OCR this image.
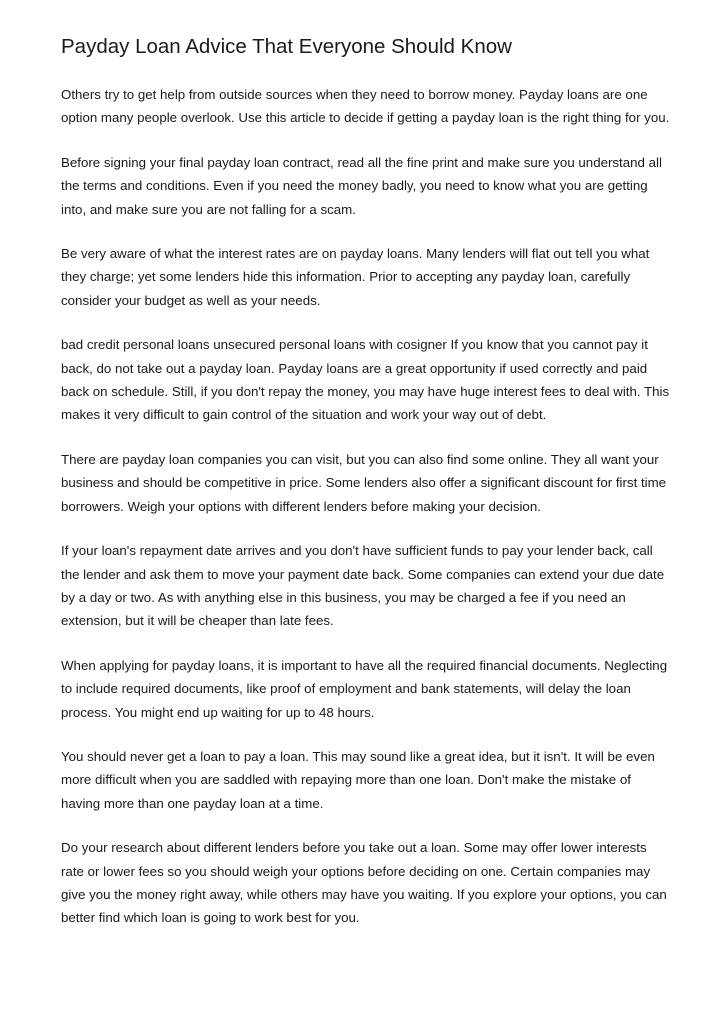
Payday Loan Advice That Everyone Should Know

Others try to get help from outside sources when they need to borrow money. Payday loans are one option many people overlook. Use this article to decide if getting a payday loan is the right thing for you.

Before signing your final payday loan contract, read all the fine print and make sure you understand all the terms and conditions. Even if you need the money badly, you need to know what you are getting into, and make sure you are not falling for a scam.

Be very aware of what the interest rates are on payday loans. Many lenders will flat out tell you what they charge; yet some lenders hide this information. Prior to accepting any payday loan, carefully consider your budget as well as your needs.

bad credit personal loans unsecured personal loans with cosigner If you know that you cannot pay it back, do not take out a payday loan. Payday loans are a great opportunity if used correctly and paid back on schedule. Still, if you don't repay the money, you may have huge interest fees to deal with. This makes it very difficult to gain control of the situation and work your way out of debt.

There are payday loan companies you can visit, but you can also find some online. They all want your business and should be competitive in price. Some lenders also offer a significant discount for first time borrowers. Weigh your options with different lenders before making your decision.

If your loan's repayment date arrives and you don't have sufficient funds to pay your lender back, call the lender and ask them to move your payment date back. Some companies can extend your due date by a day or two. As with anything else in this business, you may be charged a fee if you need an extension, but it will be cheaper than late fees.

When applying for payday loans, it is important to have all the required financial documents. Neglecting to include required documents, like proof of employment and bank statements, will delay the loan process. You might end up waiting for up to 48 hours.

You should never get a loan to pay a loan. This may sound like a great idea, but it isn't. It will be even more difficult when you are saddled with repaying more than one loan. Don't make the mistake of having more than one payday loan at a time.

Do your research about different lenders before you take out a loan. Some may offer lower interests rate or lower fees so you should weigh your options before deciding on one. Certain companies may give you the money right away, while others may have you waiting. If you explore your options, you can better find which loan is going to work best for you.
